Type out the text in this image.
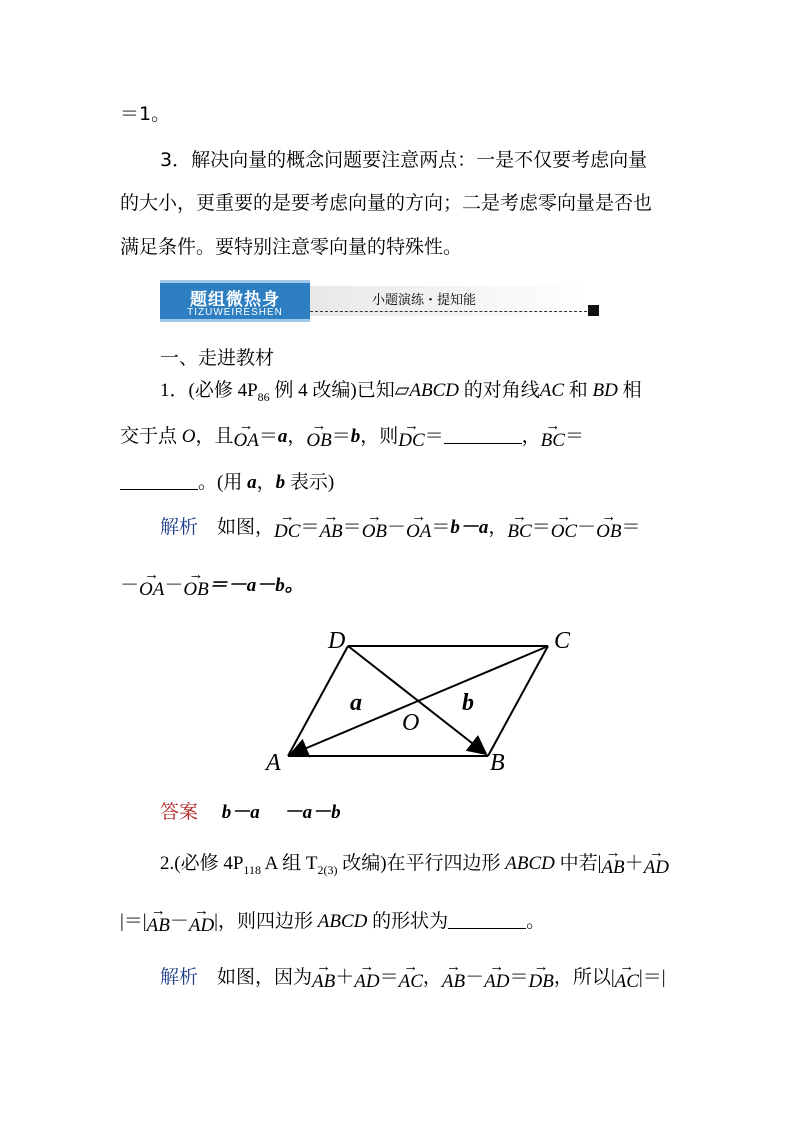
＝1。
3．解决向量的概念问题要注意两点：一是不仅要考虑向量
的大小，更重要的是要考虑向量的方向；二是考虑零向量是否也
满足条件。要特别注意零向量的特殊性。
题组微热身
TIZUWEIRESHEN
小题演练・提知能
一、走进教材
1．(必修 $4P_{86}$ 例 4 改编)已知▱ABCD 的对角线AC 和 BD 相
交于点 O，且→ OA＝a，→ OB＝b，则→ DC＝	，→ BC＝
。(用 a，b 表示)
解析　如图，→ DC＝→ AB＝→ OB－→ OA＝b－a，→ BC＝→ OC－→ OB＝
－→ OA－→ OB＝－a－b。
A	B
C
D
O
a	b
答案　 b－a　 －a－b
2.(必修 $4P_{118}$ A 组 $T_{2(3)}$ 改编)在平行四边形 ABCD 中若|→ AB＋→ AD
|＝|→ AB－→ AD|，则四边形 ABCD 的形状为	。
解析　如图，因为→ AB＋→ AD＝→ AC，→ AB－→ AD＝→ DB，所以|→ AC|＝|
